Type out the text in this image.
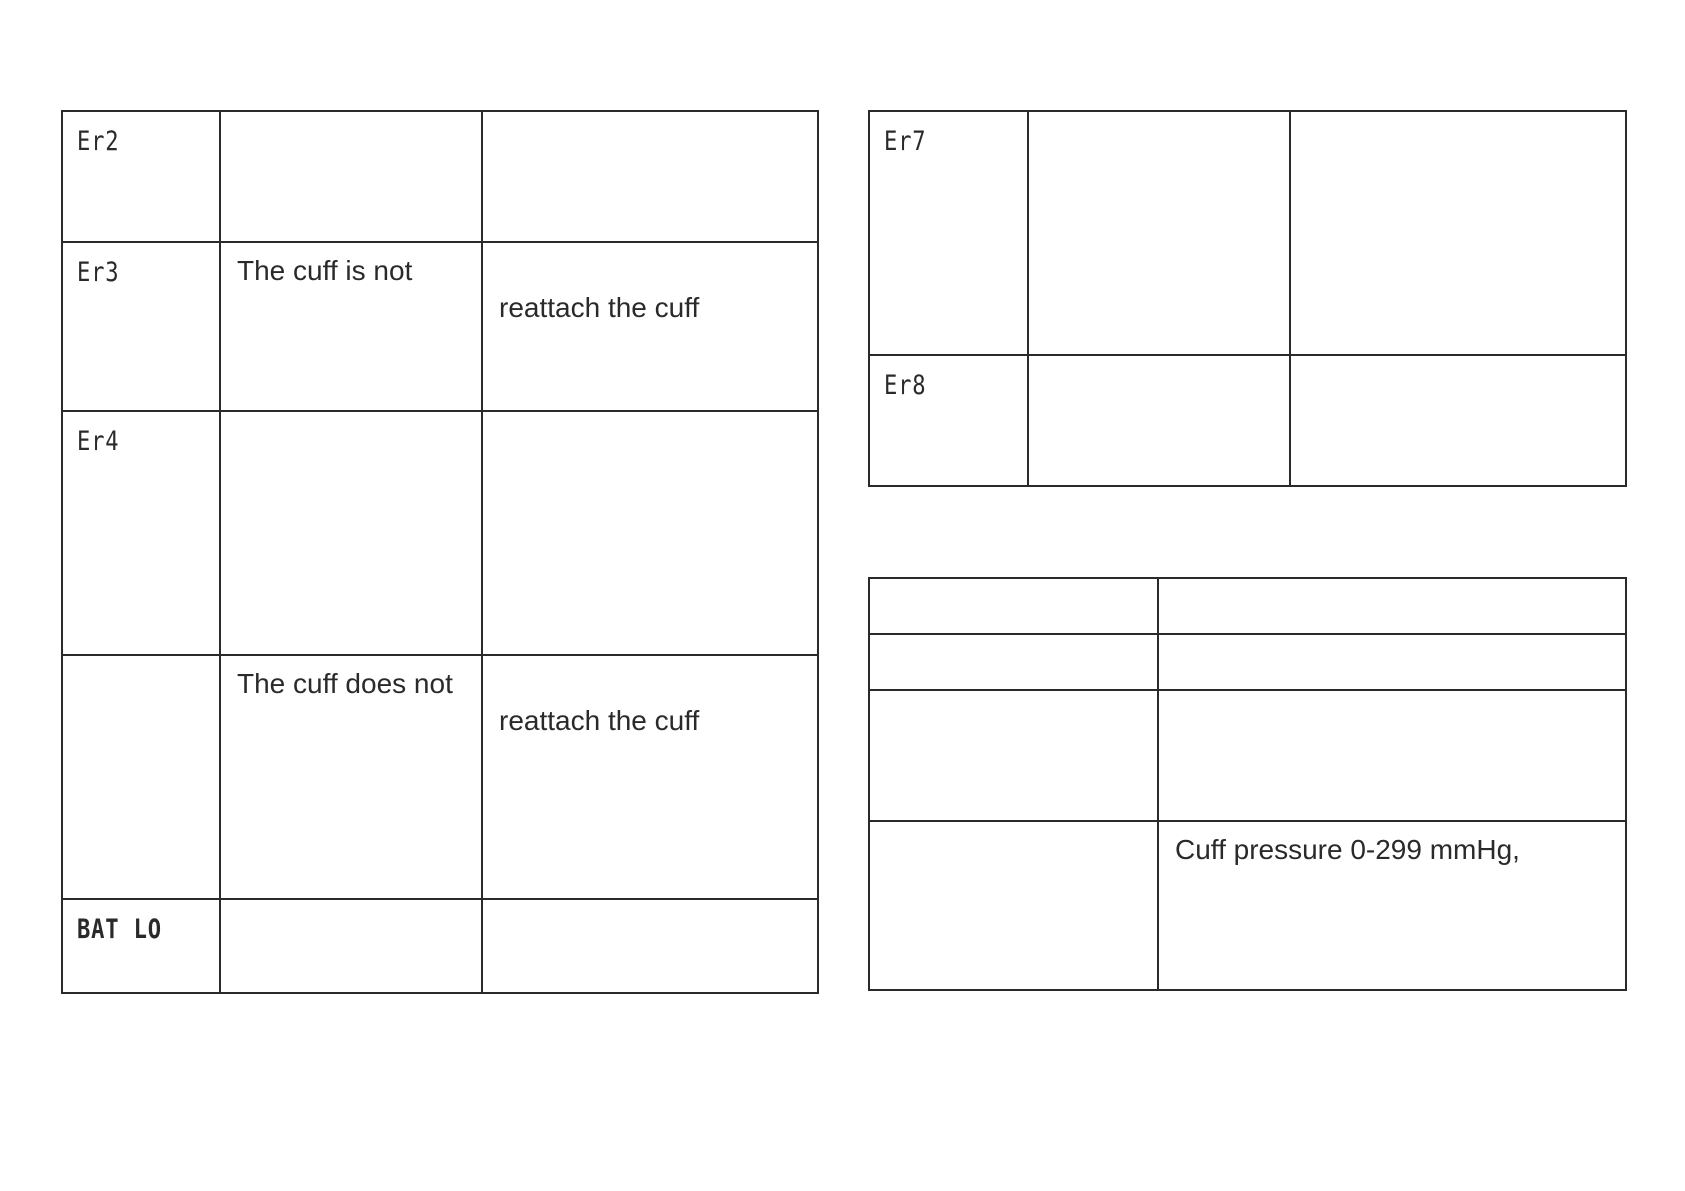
Er2		

Er3	The cuff is not	reattach the cuff

Er4		

	The cuff does not	reattach the cuff

BAT LO		

Er7		

Er8		

	Cuff pressure 0-299 mmHg,
